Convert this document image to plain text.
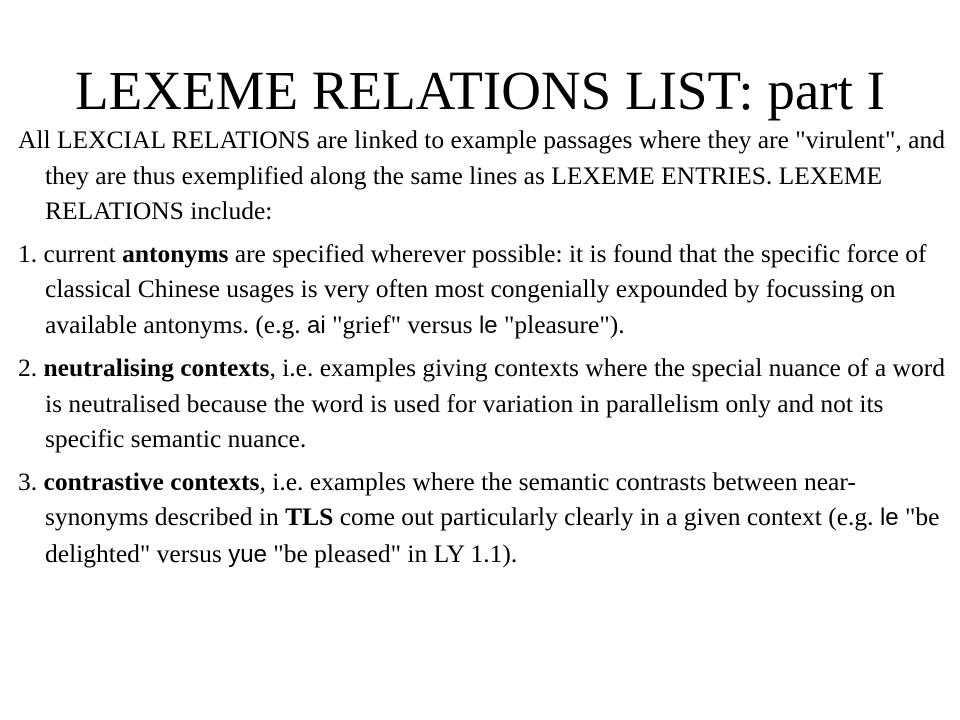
LEXEME RELATIONS LIST: part I

All LEXCIAL RELATIONS are linked to example passages where they are "virulent", and they are thus exemplified along the same lines as LEXEME ENTRIES. LEXEME RELATIONS include:

1. current antonyms are specified wherever possible: it is found that the specific force of classical Chinese usages is very often most congenially expounded by focussing on available antonyms. (e.g. ai "grief" versus le "pleasure").

2. neutralising contexts, i.e. examples giving contexts where the special nuance of a word is neutralised because the word is used for variation in parallelism only and not its specific semantic nuance.

3. contrastive contexts, i.e. examples where the semantic contrasts between near-synonyms described in TLS come out particularly clearly in a given context (e.g. le "be delighted" versus yue "be pleased" in LY 1.1).
